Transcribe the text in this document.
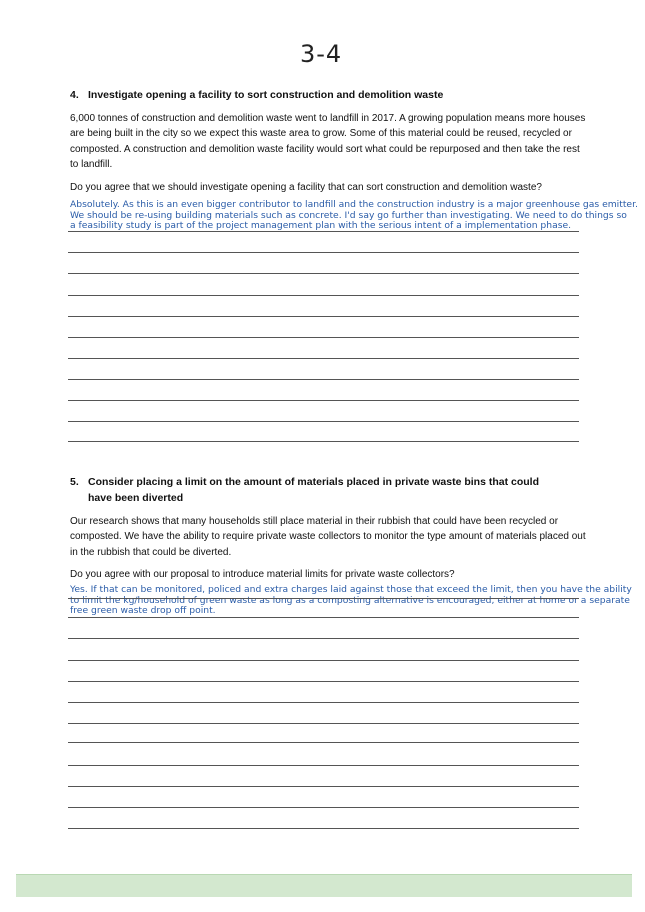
3-4
4. Investigate opening a facility to sort construction and demolition waste

6,000 tonnes of construction and demolition waste went to landfill in 2017. A growing population means more houses are being built in the city so we expect this waste area to grow. Some of this material could be reused, recycled or composted. A construction and demolition waste facility would sort what could be repurposed and then take the rest to landfill.

Do you agree that we should investigate opening a facility that can sort construction and demolition waste?

Absolutely. As this is an even bigger contributor to landfill and the construction industry is a major greenhouse gas emitter.
We should be re-using building materials such as concrete. I'd say go further than investigating. We need to do things so
a feasibility study is part of the project management plan with the serious intent of a implementation phase.
5. Consider placing a limit on the amount of materials placed in private waste bins that could have been diverted

Our research shows that many households still place material in their rubbish that could have been recycled or composted. We have the ability to require private waste collectors to monitor the type amount of materials placed out in the rubbish that could be diverted.

Do you agree with our proposal to introduce material limits for private waste collectors?

Yes. If that can be monitored, policed and extra charges laid against those that exceed the limit, then you have the ability
to limit the kg/household of green waste as long as a composting alternative is encouraged, either at home or a separate
free green waste drop off point.
